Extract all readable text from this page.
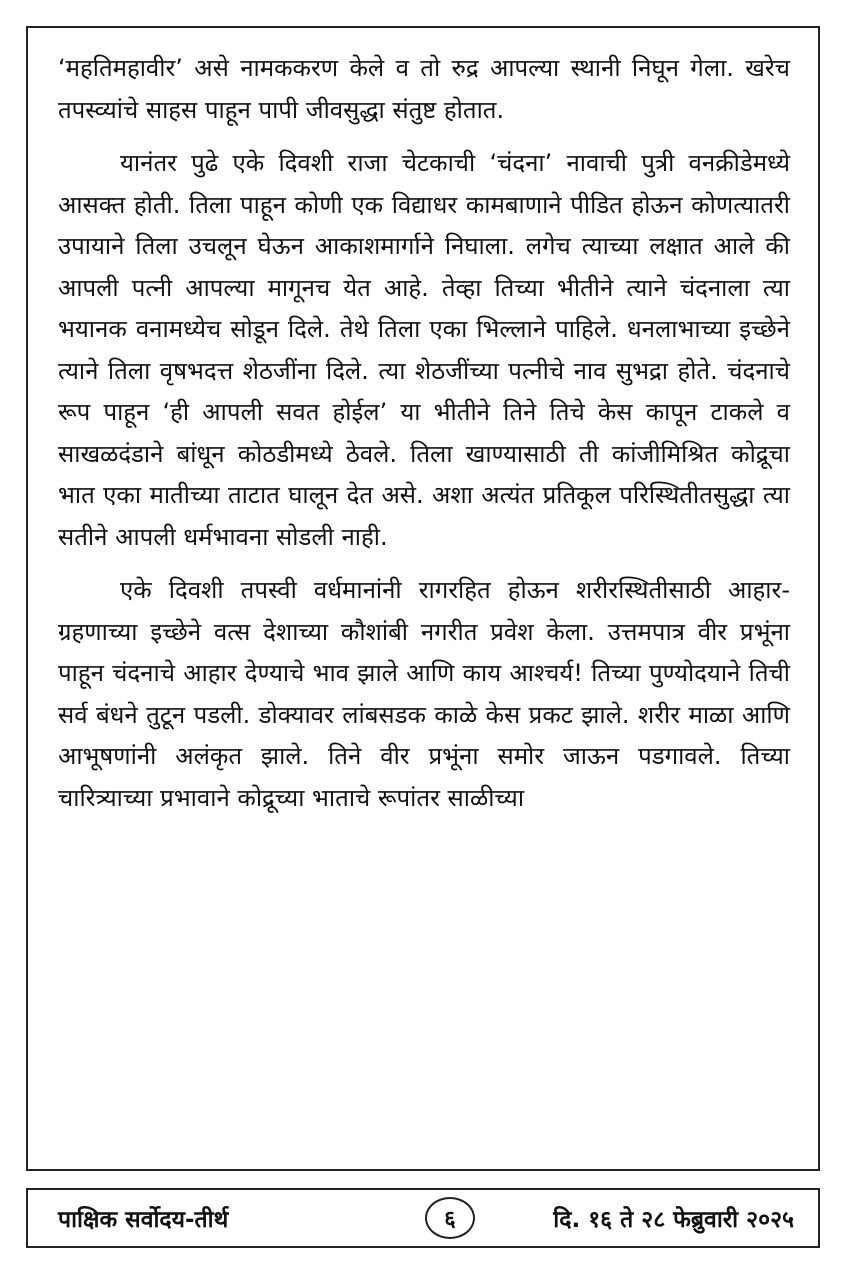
‘महतिमहावीर’ असे नामककरण केले व तो रुद्र आपल्या स्थानी निघून गेला. खरेच तपस्व्यांचे साहस पाहून पापी जीवसुद्धा संतुष्ट होतात.

यानंतर पुढे एके दिवशी राजा चेटकाची ‘चंदना’ नावाची पुत्री वनक्रीडेमध्ये आसक्त होती. तिला पाहून कोणी एक विद्याधर कामबाणाने पीडित होऊन कोणत्यातरी उपायाने तिला उचलून घेऊन आकाशमार्गाने निघाला. लगेच त्याच्या लक्षात आले की आपली पत्नी आपल्या मागूनच येत आहे. तेव्हा तिच्या भीतीने त्याने चंदनाला त्या भयानक वनामध्येच सोडून दिले. तेथे तिला एका भिल्लाने पाहिले. धनलाभाच्या इच्छेने त्याने तिला वृषभदत्त शेठजींना दिले. त्या शेठजींच्या पत्नीचे नाव सुभद्रा होते. चंदनाचे रूप पाहून ‘ही आपली सवत होईल’ या भीतीने तिने तिचे केस कापून टाकले व साखळदंडाने बांधून कोठडीमध्ये ठेवले. तिला खाण्यासाठी ती कांजीमिश्रित कोद्रूचा भात एका मातीच्या ताटात घालून देत असे. अशा अत्यंत प्रतिकूल परिस्थितीतसुद्धा त्या सतीने आपली धर्मभावना सोडली नाही.

एके दिवशी तपस्वी वर्धमानांनी रागरहित होऊन शरीरस्थितीसाठी आहार-ग्रहणाच्या इच्छेने वत्स देशाच्या कौशांबी नगरीत प्रवेश केला. उत्तमपात्र वीर प्रभूंना पाहून चंदनाचे आहार देण्याचे भाव झाले आणि काय आश्चर्य! तिच्या पुण्योदयाने तिची सर्व बंधने तुटून पडली. डोक्यावर लांबसडक काळे केस प्रकट झाले. शरीर माळा आणि आभूषणांनी अलंकृत झाले. तिने वीर प्रभूंना समोर जाऊन पडगावले. तिच्या चारित्र्याच्या प्रभावाने कोद्रूच्या भाताचे रूपांतर साळीच्या

पाक्षिक सर्वोदय-तीर्थ	६	दि. १६ ते २८ फेब्रुवारी २०२५
